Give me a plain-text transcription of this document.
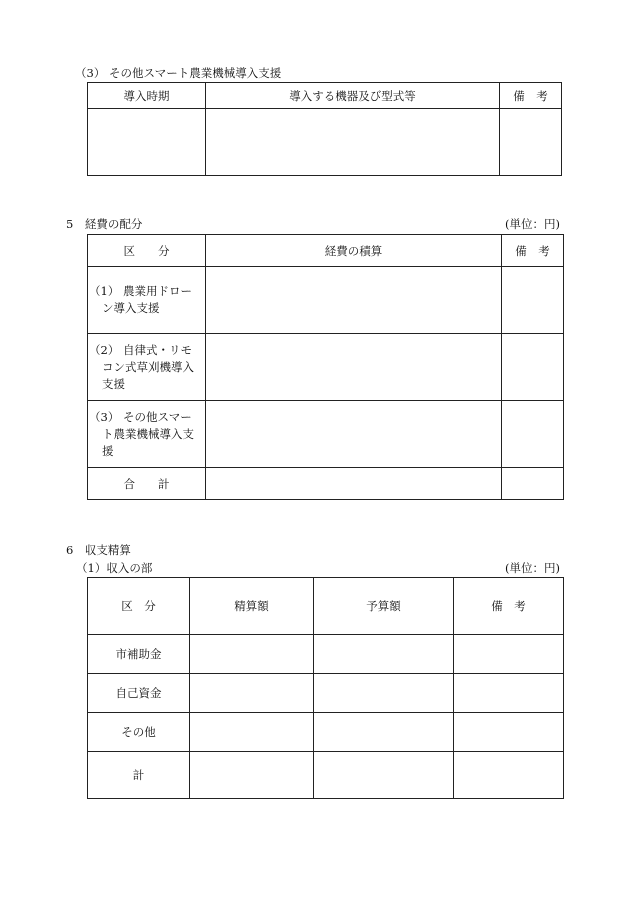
（3） その他スマート農業機械導入支援
導入時期	導入する機器及び型式等	備　考

5　経費の配分	(単位：円)
区　　分	経費の積算	備　考

（1） 農業用ドロー
ン導入支援		

（2） 自律式・リモ
コン式草刈機導入
支援		

（3） その他スマー
ト農業機械導入支
援		

合　　計		
6　収支精算
（1）収入の部	(単位：円)
区　分	精算額	予算額	備　考
市補助金			
自己資金			
その他			
計			
